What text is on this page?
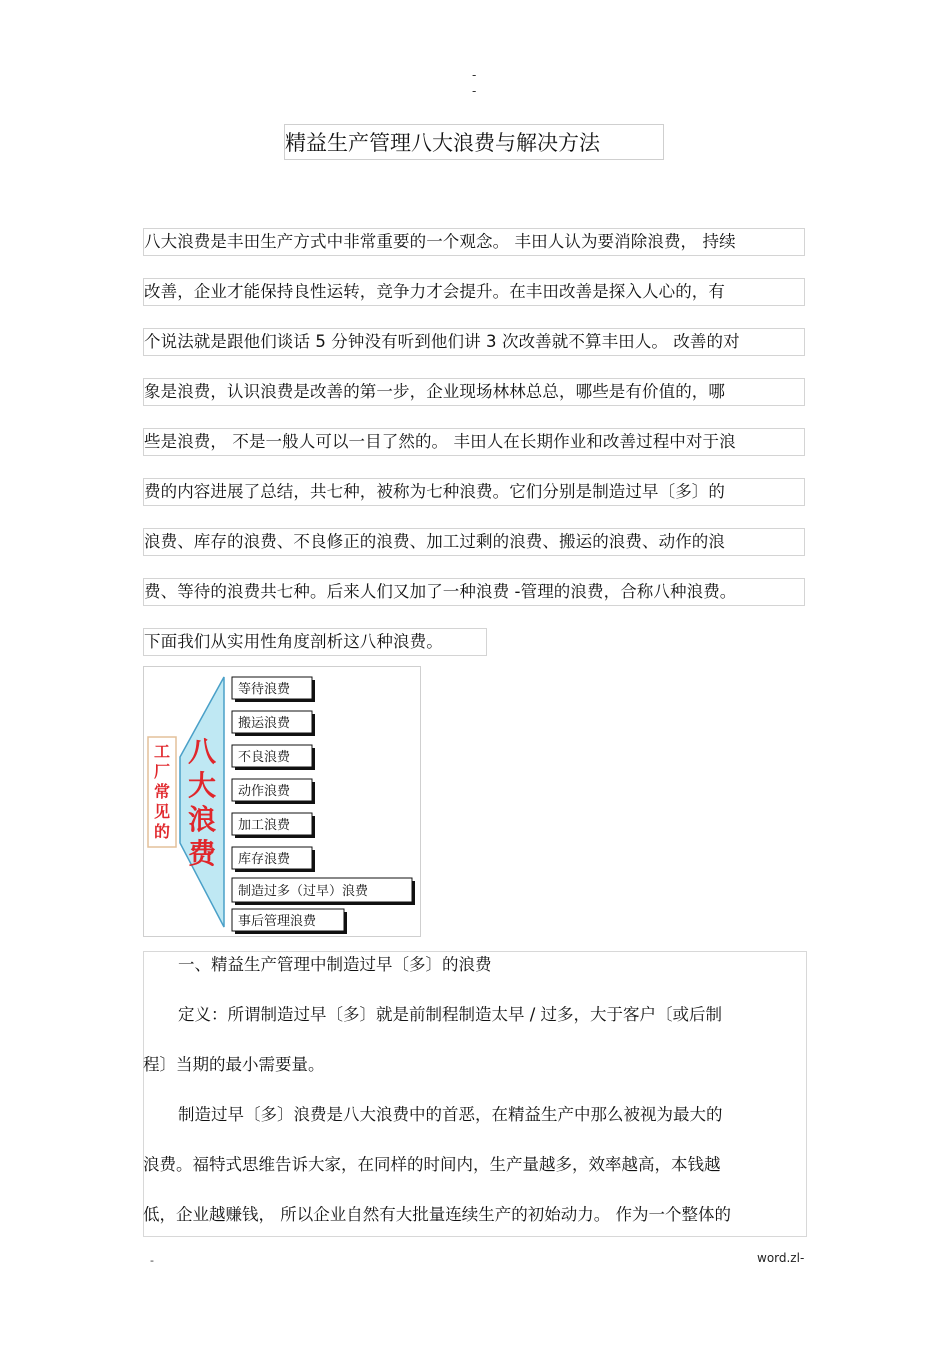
-
-
精益生产管理八大浪费与解决方法
八大浪费是丰田生产方式中非常重要的一个观念。 丰田人认为要消除浪费， 持续
改善，企业才能保持良性运转，竞争力才会提升。在丰田改善是探入人心的，有
个说法就是跟他们谈话 5 分钟没有听到他们讲 3 次改善就不算丰田人。 改善的对
象是浪费，认识浪费是改善的第一步，企业现场林林总总，哪些是有价值的，哪
些是浪费， 不是一般人可以一目了然的。 丰田人在长期作业和改善过程中对于浪
费的内容进展了总结，共七种，被称为七种浪费。它们分别是制造过早〔多〕的
浪费、库存的浪费、不良修正的浪费、加工过剩的浪费、搬运的浪费、动作的浪
费、等待的浪费共七种。后来人们又加了一种浪费 -管理的浪费，合称八种浪费。
下面我们从实用性角度剖析这八种浪费。
工
厂
常
见
的
八
大
浪
费
等待浪费
搬运浪费
不良浪费
动作浪费
加工浪费
库存浪费
制造过多（过早）浪费
事后管理浪费
一、精益生产管理中制造过早〔多〕的浪费
定义：所谓制造过早〔多〕就是前制程制造太早 / 过多，大于客户〔或后制
程〕当期的最小需要量。
制造过早〔多〕浪费是八大浪费中的首恶，在精益生产中那么被视为最大的
浪费。福特式思维告诉大家，在同样的时间内，生产量越多，效率越高，本钱越
低，企业越赚钱， 所以企业自然有大批量连续生产的初始动力。 作为一个整体的
-	word.zl-
